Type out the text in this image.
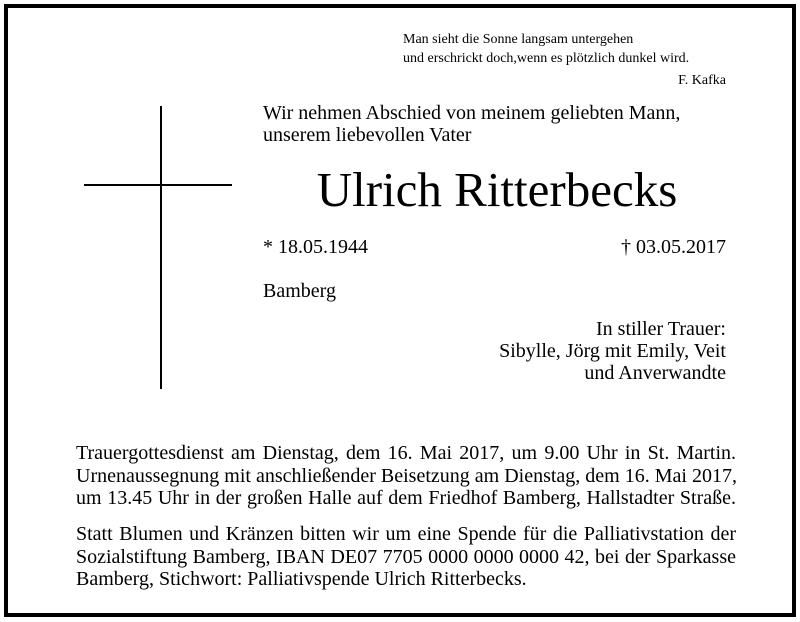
Man sieht die Sonne langsam untergehen
und erschrickt doch,wenn es plötzlich dunkel wird.
F. Kafka
Wir nehmen Abschied von meinem geliebten Mann,
unserem liebevollen Vater
Ulrich Ritterbecks
* 18.05.1944	† 03.05.2017
Bamberg
In stiller Trauer:
Sibylle, Jörg mit Emily, Veit
und Anverwandte
Trauergottesdienst am Dienstag, dem 16. Mai 2017, um 9.00 Uhr in St. Martin.
Urnenaussegnung mit anschließender Beisetzung am Dienstag, dem 16. Mai 2017,
um 13.45 Uhr in der großen Halle auf dem Friedhof Bamberg, Hallstadter Straße.
Statt Blumen und Kränzen bitten wir um eine Spende für die Palliativstation der
Sozialstiftung Bamberg, IBAN DE07 7705 0000 0000 0000 42, bei der Sparkasse
Bamberg, Stichwort: Palliativspende Ulrich Ritterbecks.
